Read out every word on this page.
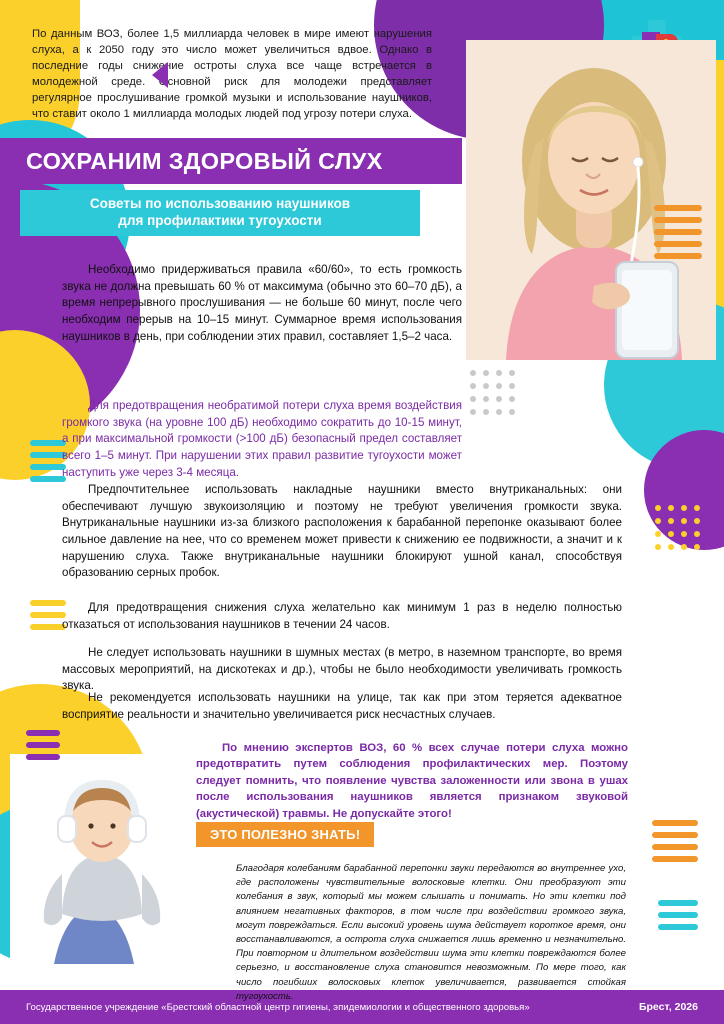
По данным ВОЗ, более 1,5 миллиарда человек в мире имеют нарушения слуха, а к 2050 году это число может увеличиться вдвое. Однако в последние годы снижение остроты слуха все чаще встречается в молодежной среде. Основной риск для молодежи представляет регулярное прослушивание громкой музыки и использование наушников, что ставит около 1 миллиарда молодых людей под угрозу потери слуха.

СОХРАНИМ ЗДОРОВЫЙ СЛУХ

Советы по использованию наушников

для профилактики тугоухости

Необходимо придерживаться правила «60/60», то есть громкость звука не должна превышать 60 % от максимума (обычно это 60–70 дБ), а время непрерывного прослушивания — не больше 60 минут, после чего необходим перерыв на 10–15 минут. Суммарное время использования наушников в день, при соблюдении этих правил, составляет 1,5–2 часа.

Для предотвращения необратимой потери слуха время воздействия громкого звука (на уровне 100 дБ) необходимо сократить до 10-15 минут, а при максимальной громкости (>100 дБ) безопасный предел составляет всего 1–5 минут. При нарушении этих правил развитие тугоухости может наступить уже через 3-4 месяца.

Предпочтительнее использовать накладные наушники вместо внутриканальных: они обеспечивают лучшую звукоизоляцию и поэтому не требуют увеличения громкости звука. Внутриканальные наушники из-за близкого расположения к барабанной перепонке оказывают более сильное давление на нее, что со временем может привести к снижению ее подвижности, а значит и к нарушению слуха. Также внутриканальные наушники блокируют ушной канал, способствуя образованию серных пробок.

Для предотвращения снижения слуха желательно как минимум 1 раз в неделю полностью отказаться от использования наушников в течении 24 часов.

Не следует использовать наушники в шумных местах (в метро, в наземном транспорте, во время массовых мероприятий, на дискотеках и др.), чтобы не было необходимости увеличивать громкость звука.

Не рекомендуется использовать наушники на улице, так как при этом теряется адекватное восприятие реальности и значительно увеличивается риск несчастных случаев.

По мнению экспертов ВОЗ, 60 % всех случае потери слуха можно предотвратить путем соблюдения профилактических мер. Поэтому следует помнить, что появление чувства заложенности или звона в ушах после использования наушников является признаком звуковой (акустической) травмы. Не допускайте этого!

ЭТО ПОЛЕЗНО ЗНАТЬ!

Благодаря колебаниям барабанной перепонки звуки передаются во внутреннее ухо, где расположены чувствительные волосковые клетки. Они преобразуют эти колебания в звук, который мы можем слышать и понимать. Но эти клетки под влиянием негативных факторов, в том числе при воздействии громкого звука, могут повреждаться. Если высокий уровень шума действует короткое время, они восстанавливаются, а острота слуха снижается лишь временно и незначительно. При повторном и длительном воздействии шума эти клетки повреждаются более серьезно, и восстановление слуха становится невозможным. По мере того, как число погибших волосковых клеток увеличивается, развивается стойкая тугоухость.

Государственное учреждение «Брестский областной центр гигиены, эпидемиологии и общественного здоровья»	Брест, 2026
